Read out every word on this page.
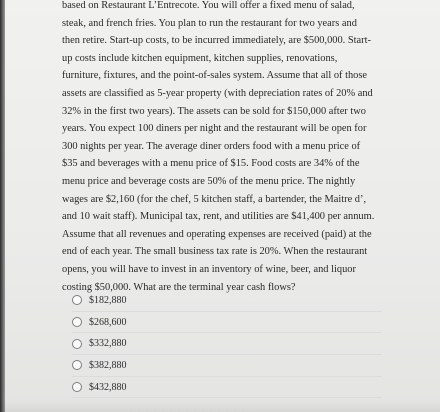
based on Restaurant L’Entrecote. You will offer a fixed menu of salad,
steak, and french fries. You plan to run the restaurant for two years and
then retire. Start-up costs, to be incurred immediately, are $500,000. Start-
up costs include kitchen equipment, kitchen supplies, renovations,
furniture, fixtures, and the point-of-sales system. Assume that all of those
assets are classified as 5-year property (with depreciation rates of 20% and
32% in the first two years). The assets can be sold for $150,000 after two
years. You expect 100 diners per night and the restaurant will be open for
300 nights per year. The average diner orders food with a menu price of
$35 and beverages with a menu price of $15. Food costs are 34% of the
menu price and beverage costs are 50% of the menu price. The nightly
wages are $2,160 (for the chef, 5 kitchen staff, a bartender, the Maitre d’,
and 10 wait staff). Municipal tax, rent, and utilities are $41,400 per annum.
Assume that all revenues and operating expenses are received (paid) at the
end of each year. The small business tax rate is 20%. When the restaurant
opens, you will have to invest in an inventory of wine, beer, and liquor
costing $50,000. What are the terminal year cash flows?

$182,880
$268,600
$332,880
$382,880
$432,880
